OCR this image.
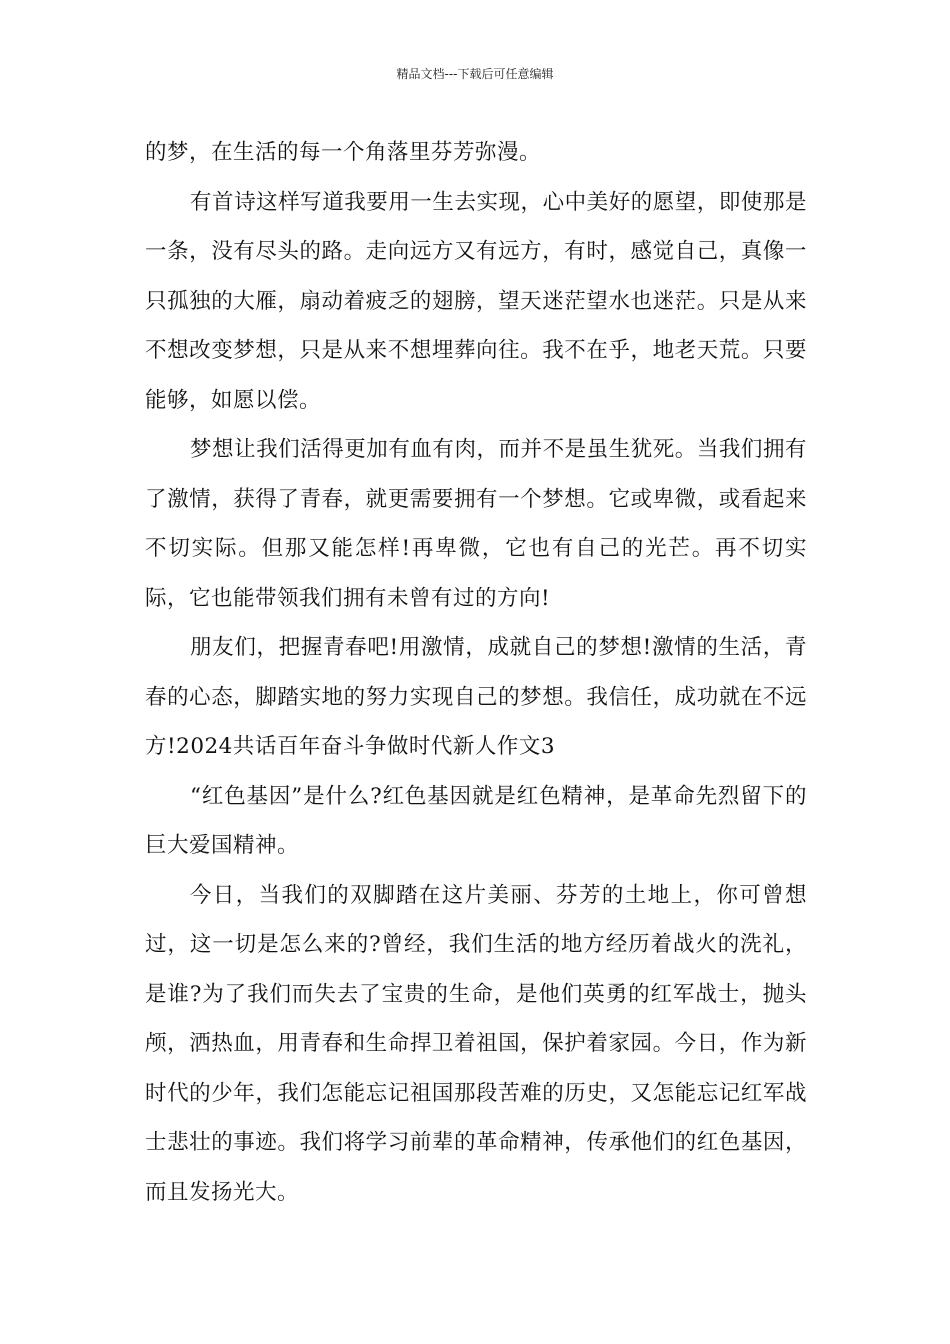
精品文档---下载后可任意编辑

的梦，在生活的每一个角落里芬芳弥漫。

有首诗这样写道我要用一生去实现，心中美好的愿望，即使那是一条，没有尽头的路。走向远方又有远方，有时，感觉自己，真像一只孤独的大雁，扇动着疲乏的翅膀，望天迷茫望水也迷茫。只是从来不想改变梦想，只是从来不想埋葬向往。我不在乎，地老天荒。只要能够，如愿以偿。

梦想让我们活得更加有血有肉，而并不是虽生犹死。当我们拥有了激情，获得了青春，就更需要拥有一个梦想。它或卑微，或看起来不切实际。但那又能怎样!再卑微，它也有自己的光芒。再不切实际，它也能带领我们拥有未曾有过的方向!

朋友们，把握青春吧!用激情，成就自己的梦想!激情的生活，青春的心态，脚踏实地的努力实现自己的梦想。我信任，成功就在不远方!2024共话百年奋斗争做时代新人作文3

“红色基因”是什么?红色基因就是红色精神，是革命先烈留下的巨大爱国精神。

今日，当我们的双脚踏在这片美丽、芬芳的土地上，你可曾想过，这一切是怎么来的?曾经，我们生活的地方经历着战火的洗礼，是谁?为了我们而失去了宝贵的生命，是他们英勇的红军战士，抛头颅，洒热血，用青春和生命捍卫着祖国，保护着家园。今日，作为新时代的少年，我们怎能忘记祖国那段苦难的历史，又怎能忘记红军战士悲壮的事迹。我们将学习前辈的革命精神，传承他们的红色基因，而且发扬光大。
